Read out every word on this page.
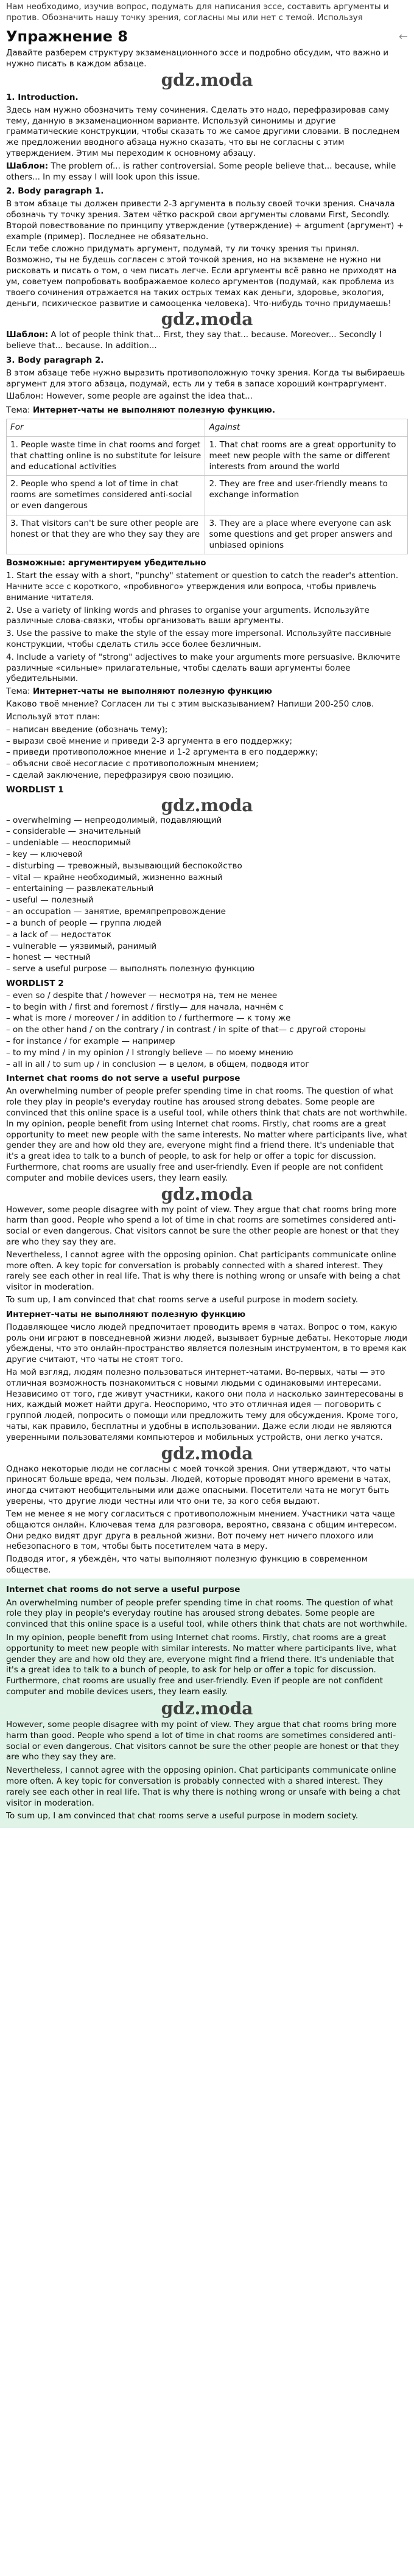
Нам необходимо, изучив вопрос, подумать для написания эссе, составить аргументы и против. Обозначить нашу точку зрения, согласны мы или нет с темой. Используя

Упражнение 8	←

Давайте разберем структуру экзаменационного эссе и подробно обсудим, что важно и нужно писать в каждом абзаце.

gdz.moda

1. Introduction.

Здесь нам нужно обозначить тему сочинения. Сделать это надо, перефразировав саму тему, данную в экзаменационном варианте. Используй синонимы и другие грамматические конструкции, чтобы сказать то же самое другими словами. В последнем же предложении вводного абзаца нужно сказать, что вы не согласны с этим утверждением. Этим мы переходим к основному абзацу.

Шаблон: The problem of... is rather controversial. Some people believe that... because, while others... In my essay I will look upon this issue.

2. Body paragraph 1.

В этом абзаце ты должен привести 2-3 аргумента в пользу своей точки зрения. Сначала обозначь ту точку зрения. Затем чётко раскрой свои аргументы словами First, Secondly. Второй повествование по принципу утверждение (утверждение) + argument (аргумент) + example (пример). Последнее не обязательно.

Если тебе сложно придумать аргумент, подумай, ту ли точку зрения ты принял. Возможно, ты не будешь согласен с этой точкой зрения, но на экзамене не нужно ни рисковать и писать о том, о чем писать легче. Если аргументы всё равно не приходят на ум, советуем попробовать воображаемое колесо аргументов (подумай, как проблема из твоего сочинения отражается на таких острых темах как деньги, здоровье, экология, деньги, психическое развитие и самооценка человека). Что-нибудь точно придумаешь!

gdz.moda

Шаблон: A lot of people think that... First, they say that... because. Moreover... Secondly I believe that... because. In addition...

3. Body paragraph 2.

В этом абзаце тебе нужно выразить противоположную точку зрения. Когда ты выбираешь аргумент для этого абзаца, подумай, есть ли у тебя в запасе хороший контраргумент.

Шаблон: However, some people are against the idea that...

Тема: Интернет-чаты не выполняют полезную функцию.

For	Against
1. People waste time in chat rooms and forget that chatting online is no substitute for leisure and educational activities	1. That chat rooms are a great opportunity to meet new people with the same or different interests from around the world
2. People who spend a lot of time in chat rooms are sometimes considered anti-social or even dangerous	2. They are free and user-friendly means to exchange information
3. That visitors can't be sure other people are honest or that they are who they say they are	3. They are a place where everyone can ask some questions and get proper answers and unbiased opinions

Возможные: аргументируем убедительно

1. Start the essay with a short, "punchy" statement or question to catch the reader's attention. Начните эссе с короткого, «пробивного» утверждения или вопроса, чтобы привлечь внимание читателя.

2. Use a variety of linking words and phrases to organise your arguments. Используйте различные слова-связки, чтобы организовать ваши аргументы.

3. Use the passive to make the style of the essay more impersonal. Используйте пассивные конструкции, чтобы сделать стиль эссе более безличным.

4. Include a variety of "strong" adjectives to make your arguments more persuasive. Включите различные «сильные» прилагательные, чтобы сделать ваши аргументы более убедительными.

Тема: Интернет-чаты не выполняют полезную функцию

Каково твоё мнение? Согласен ли ты с этим высказыванием? Напиши 200-250 слов.

Используй этот план:

– написан введение (обозначь тему);
– вырази своё мнение и приведи 2-3 аргумента в его поддержку;
– приведи противоположное мнение и 1-2 аргумента в его поддержку;
– объясни своё несогласие с противоположным мнением;
– сделай заключение, перефразируя свою позицию.

WORDLIST 1

gdz.moda
– overwhelming — непреодолимый, подавляющий
– considerable — значительный
– undeniable — неоспоримый
– key — ключевой
– disturbing — тревожный, вызывающий беспокойство
– vital — крайне необходимый, жизненно важный
– entertaining — развлекательный
– useful — полезный
– an occupation — занятие, времяпрепровождение
– a bunch of people — группа людей
– a lack of — недостаток
– vulnerable — уязвимый, ранимый
– honest — честный
– serve a useful purpose — выполнять полезную функцию

WORDLIST 2

– even so / despite that / however — несмотря на, тем не менее
– to begin with / first and foremost / firstly— для начала, начнём с
– what is more / moreover / in addition to / furthermore — к тому же
– on the other hand / on the contrary / in contrast / in spite of that— с другой стороны
– for instance / for example — например
– to my mind / in my opinion / I strongly believe — по моему мнению
– all in all / to sum up / in conclusion — в целом, в общем, подводя итог

Internet chat rooms do not serve a useful purpose

An overwhelming number of people prefer spending time in chat rooms. The question of what role they play in people's everyday routine has aroused strong debates. Some people are convinced that this online space is a useful tool, while others think that chats are not worthwhile. In my opinion, people benefit from using Internet chat rooms. Firstly, chat rooms are a great opportunity to meet new people with the same interests. No matter where participants live, what gender they are and how old they are, everyone might find a friend there. It's undeniable that it's a great idea to talk to a bunch of people, to ask for help or offer a topic for discussion. Furthermore, chat rooms are usually free and user-friendly. Even if people are not confident computer and mobile devices users, they learn easily.

gdz.moda

However, some people disagree with my point of view. They argue that chat rooms bring more harm than good. People who spend a lot of time in chat rooms are sometimes considered anti-social or even dangerous. Chat visitors cannot be sure the other people are honest or that they are who they say they are.

Nevertheless, I cannot agree with the opposing opinion. Chat participants communicate online more often. A key topic for conversation is probably connected with a shared interest. They rarely see each other in real life. That is why there is nothing wrong or unsafe with being a chat visitor in moderation.

To sum up, I am convinced that chat rooms serve a useful purpose in modern society.

Интернет-чаты не выполняют полезную функцию

Подавляющее число людей предпочитает проводить время в чатах. Вопрос о том, какую роль они играют в повседневной жизни людей, вызывает бурные дебаты. Некоторые люди убеждены, что это онлайн-пространство является полезным инструментом, в то время как другие считают, что чаты не стоят того.

На мой взгляд, людям полезно пользоваться интернет-чатами. Во-первых, чаты — это отличная возможность познакомиться с новыми людьми с одинаковыми интересами. Независимо от того, где живут участники, какого они пола и насколько заинтересованы в них, каждый может найти друга. Неоспоримо, что это отличная идея — поговорить с группой людей, попросить о помощи или предложить тему для обсуждения. Кроме того, чаты, как правило, бесплатны и удобны в использовании. Даже если люди не являются уверенными пользователями компьютеров и мобильных устройств, они легко учатся.

gdz.moda

Однако некоторые люди не согласны с моей точкой зрения. Они утверждают, что чаты приносят больше вреда, чем пользы. Людей, которые проводят много времени в чатах, иногда считают необщительными или даже опасными. Посетители чата не могут быть уверены, что другие люди честны или что они те, за кого себя выдают.

Тем не менее я не могу согласиться с противоположным мнением. Участники чата чаще общаются онлайн. Ключевая тема для разговора, вероятно, связана с общим интересом. Они редко видят друг друга в реальной жизни. Вот почему нет ничего плохого или небезопасного в том, чтобы быть посетителем чата в меру.

Подводя итог, я убеждён, что чаты выполняют полезную функцию в современном обществе.

Internet chat rooms do not serve a useful purpose

An overwhelming number of people prefer spending time in chat rooms. The question of what role they play in people's everyday routine has aroused strong debates. Some people are convinced that this online space is a useful tool, while others think that chats are not worthwhile.

In my opinion, people benefit from using Internet chat rooms. Firstly, chat rooms are a great opportunity to meet new people with similar interests. No matter where participants live, what gender they are and how old they are, everyone might find a friend there. It's undeniable that it's a great idea to talk to a bunch of people, to ask for help or offer a topic for discussion. Furthermore, chat rooms are usually free and user-friendly. Even if people are not confident computer and mobile devices users, they learn easily.

gdz.moda

However, some people disagree with my point of view. They argue that chat rooms bring more harm than good. People who spend a lot of time in chat rooms are sometimes considered anti-social or even dangerous. Chat visitors cannot be sure the other people are honest or that they are who they say they are.

Nevertheless, I cannot agree with the opposing opinion. Chat participants communicate online more often. A key topic for conversation is probably connected with a shared interest. They rarely see each other in real life. That is why there is nothing wrong or unsafe with being a chat visitor in moderation.

To sum up, I am convinced that chat rooms serve a useful purpose in modern society.
